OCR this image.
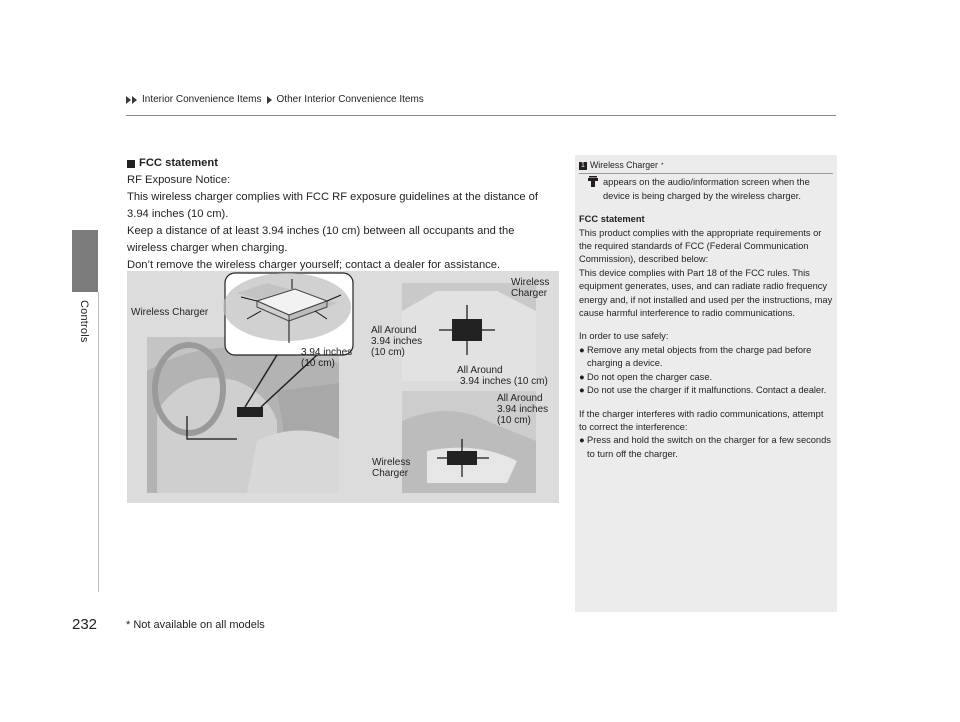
Interior Convenience Items Other Interior Convenience Items
Controls
FCC statement
RF Exposure Notice:
This wireless charger complies with FCC RF exposure guidelines at the distance of 3.94 inches (10 cm).
Keep a distance of at least 3.94 inches (10 cm) between all occupants and the wireless charger when charging.
Don’t remove the wireless charger yourself; contact a dealer for assistance.
Wireless Charger
3.94 inches
(10 cm)
All Around
3.94 inches
(10 cm)
Wireless
Charger
All Around
3.94 inches (10 cm)
All Around
3.94 inches
(10 cm)
Wireless
Charger
1 Wireless Charger *
appears on the audio/information screen when the device is being charged by the wireless charger.
FCC statement
This product complies with the appropriate requirements or the required standards of FCC (Federal Communication Commission), described below:
This device complies with Part 18 of the FCC rules. This equipment generates, uses, and can radiate radio frequency energy and, if not installed and used per the instructions, may cause harmful interference to radio communications.
In order to use safely:
● Remove any metal objects from the charge pad before charging a device.
● Do not open the charger case.
● Do not use the charger if it malfunctions. Contact a dealer.
If the charger interferes with radio communications, attempt to correct the interference:
● Press and hold the switch on the charger for a few seconds to turn off the charger.
232	* Not available on all models
